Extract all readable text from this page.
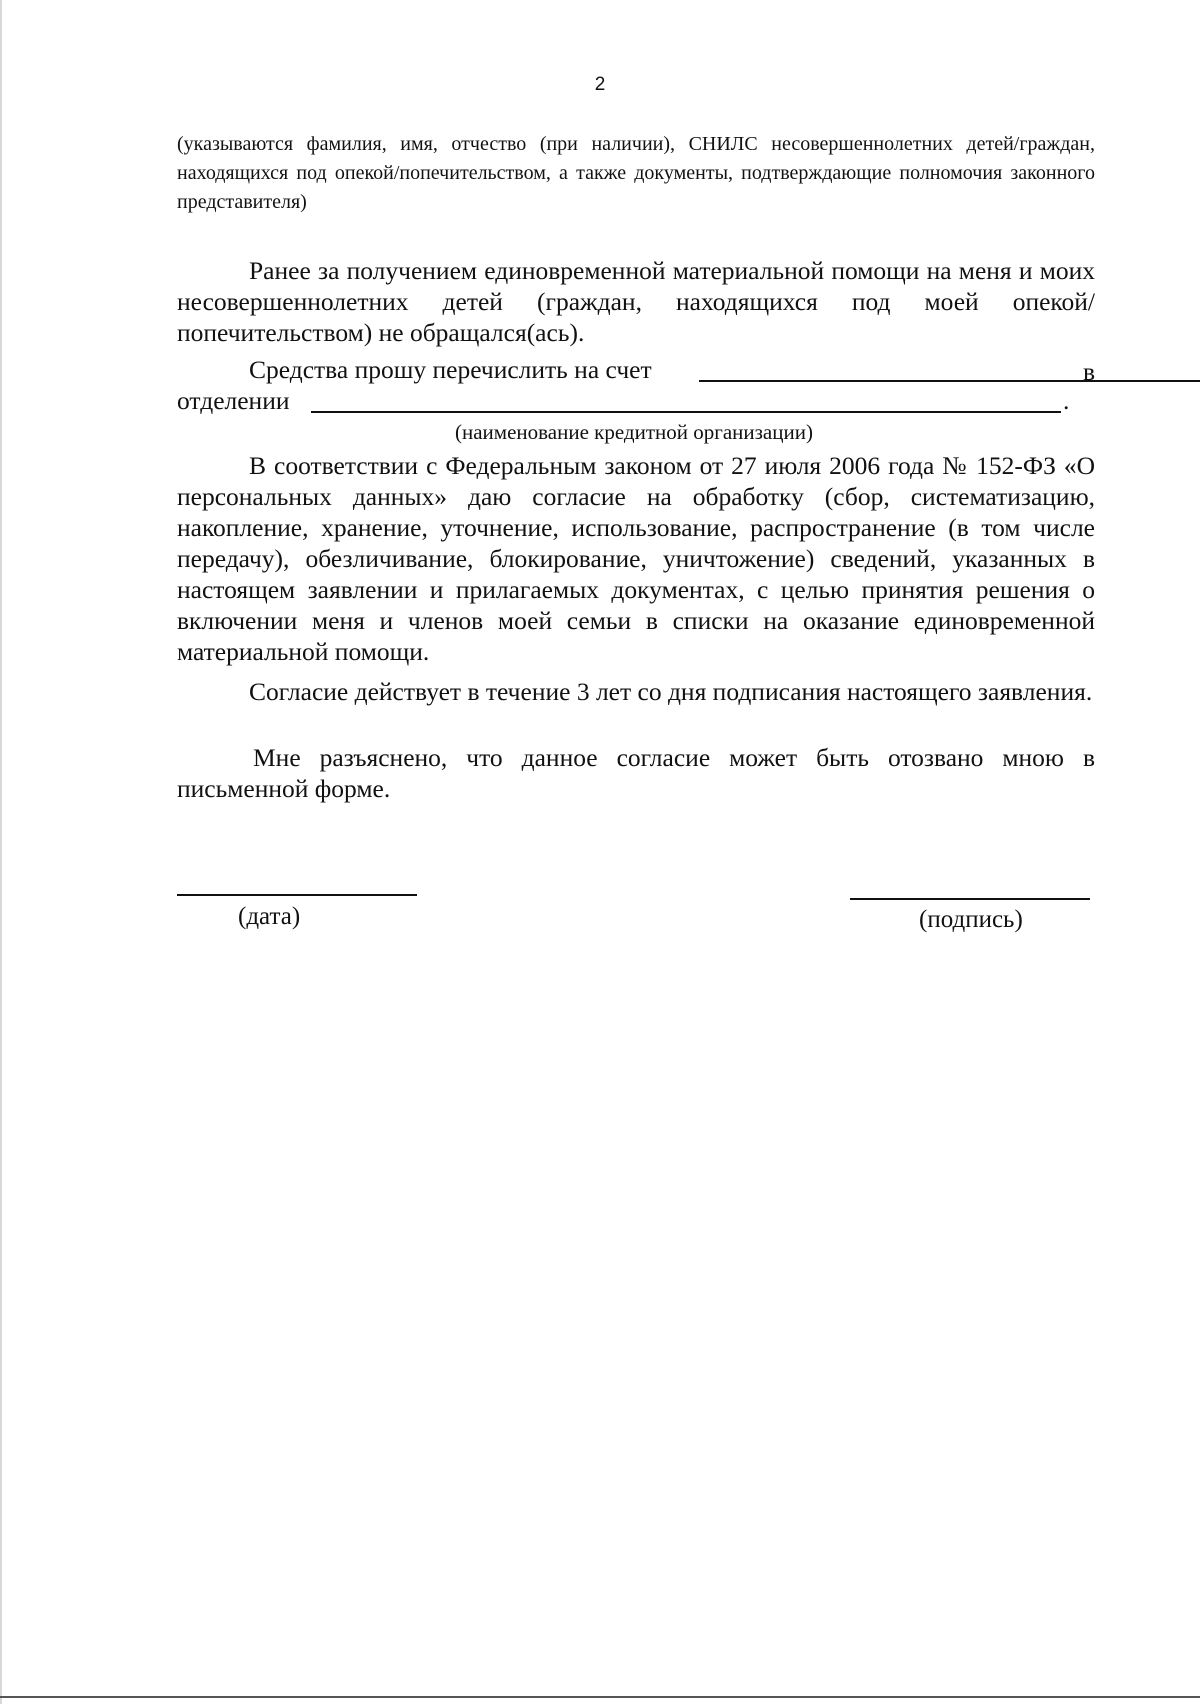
2
(указываются фамилия, имя, отчество (при наличии), СНИЛС несовершеннолетних детей/граждан, находящихся под опекой/попечительством, а также документы, подтверждающие полномочия законного представителя)
Ранее за получением единовременной материальной помощи на меня и моих несовершеннолетних детей (граждан, находящихся под моей опекой/попечительством) не обращался(ась).
Средства прошу перечислить на счет	в
отделении	.
(наименование кредитной организации)
В соответствии с Федеральным законом от 27 июля 2006 года № 152-ФЗ «О персональных данных» даю согласие на обработку (сбор, систематизацию, накопление, хранение, уточнение, использование, распространение (в том числе передачу), обезличивание, блокирование, уничтожение) сведений, указанных в настоящем заявлении и прилагаемых документах, с целью принятия решения о включении меня и членов моей семьи в списки на оказание единовременной материальной помощи.
Согласие действует в течение 3 лет со дня подписания настоящего заявления.
Мне разъяснено, что данное согласие может быть отозвано мною в письменной форме.
(дата)	(подпись)
